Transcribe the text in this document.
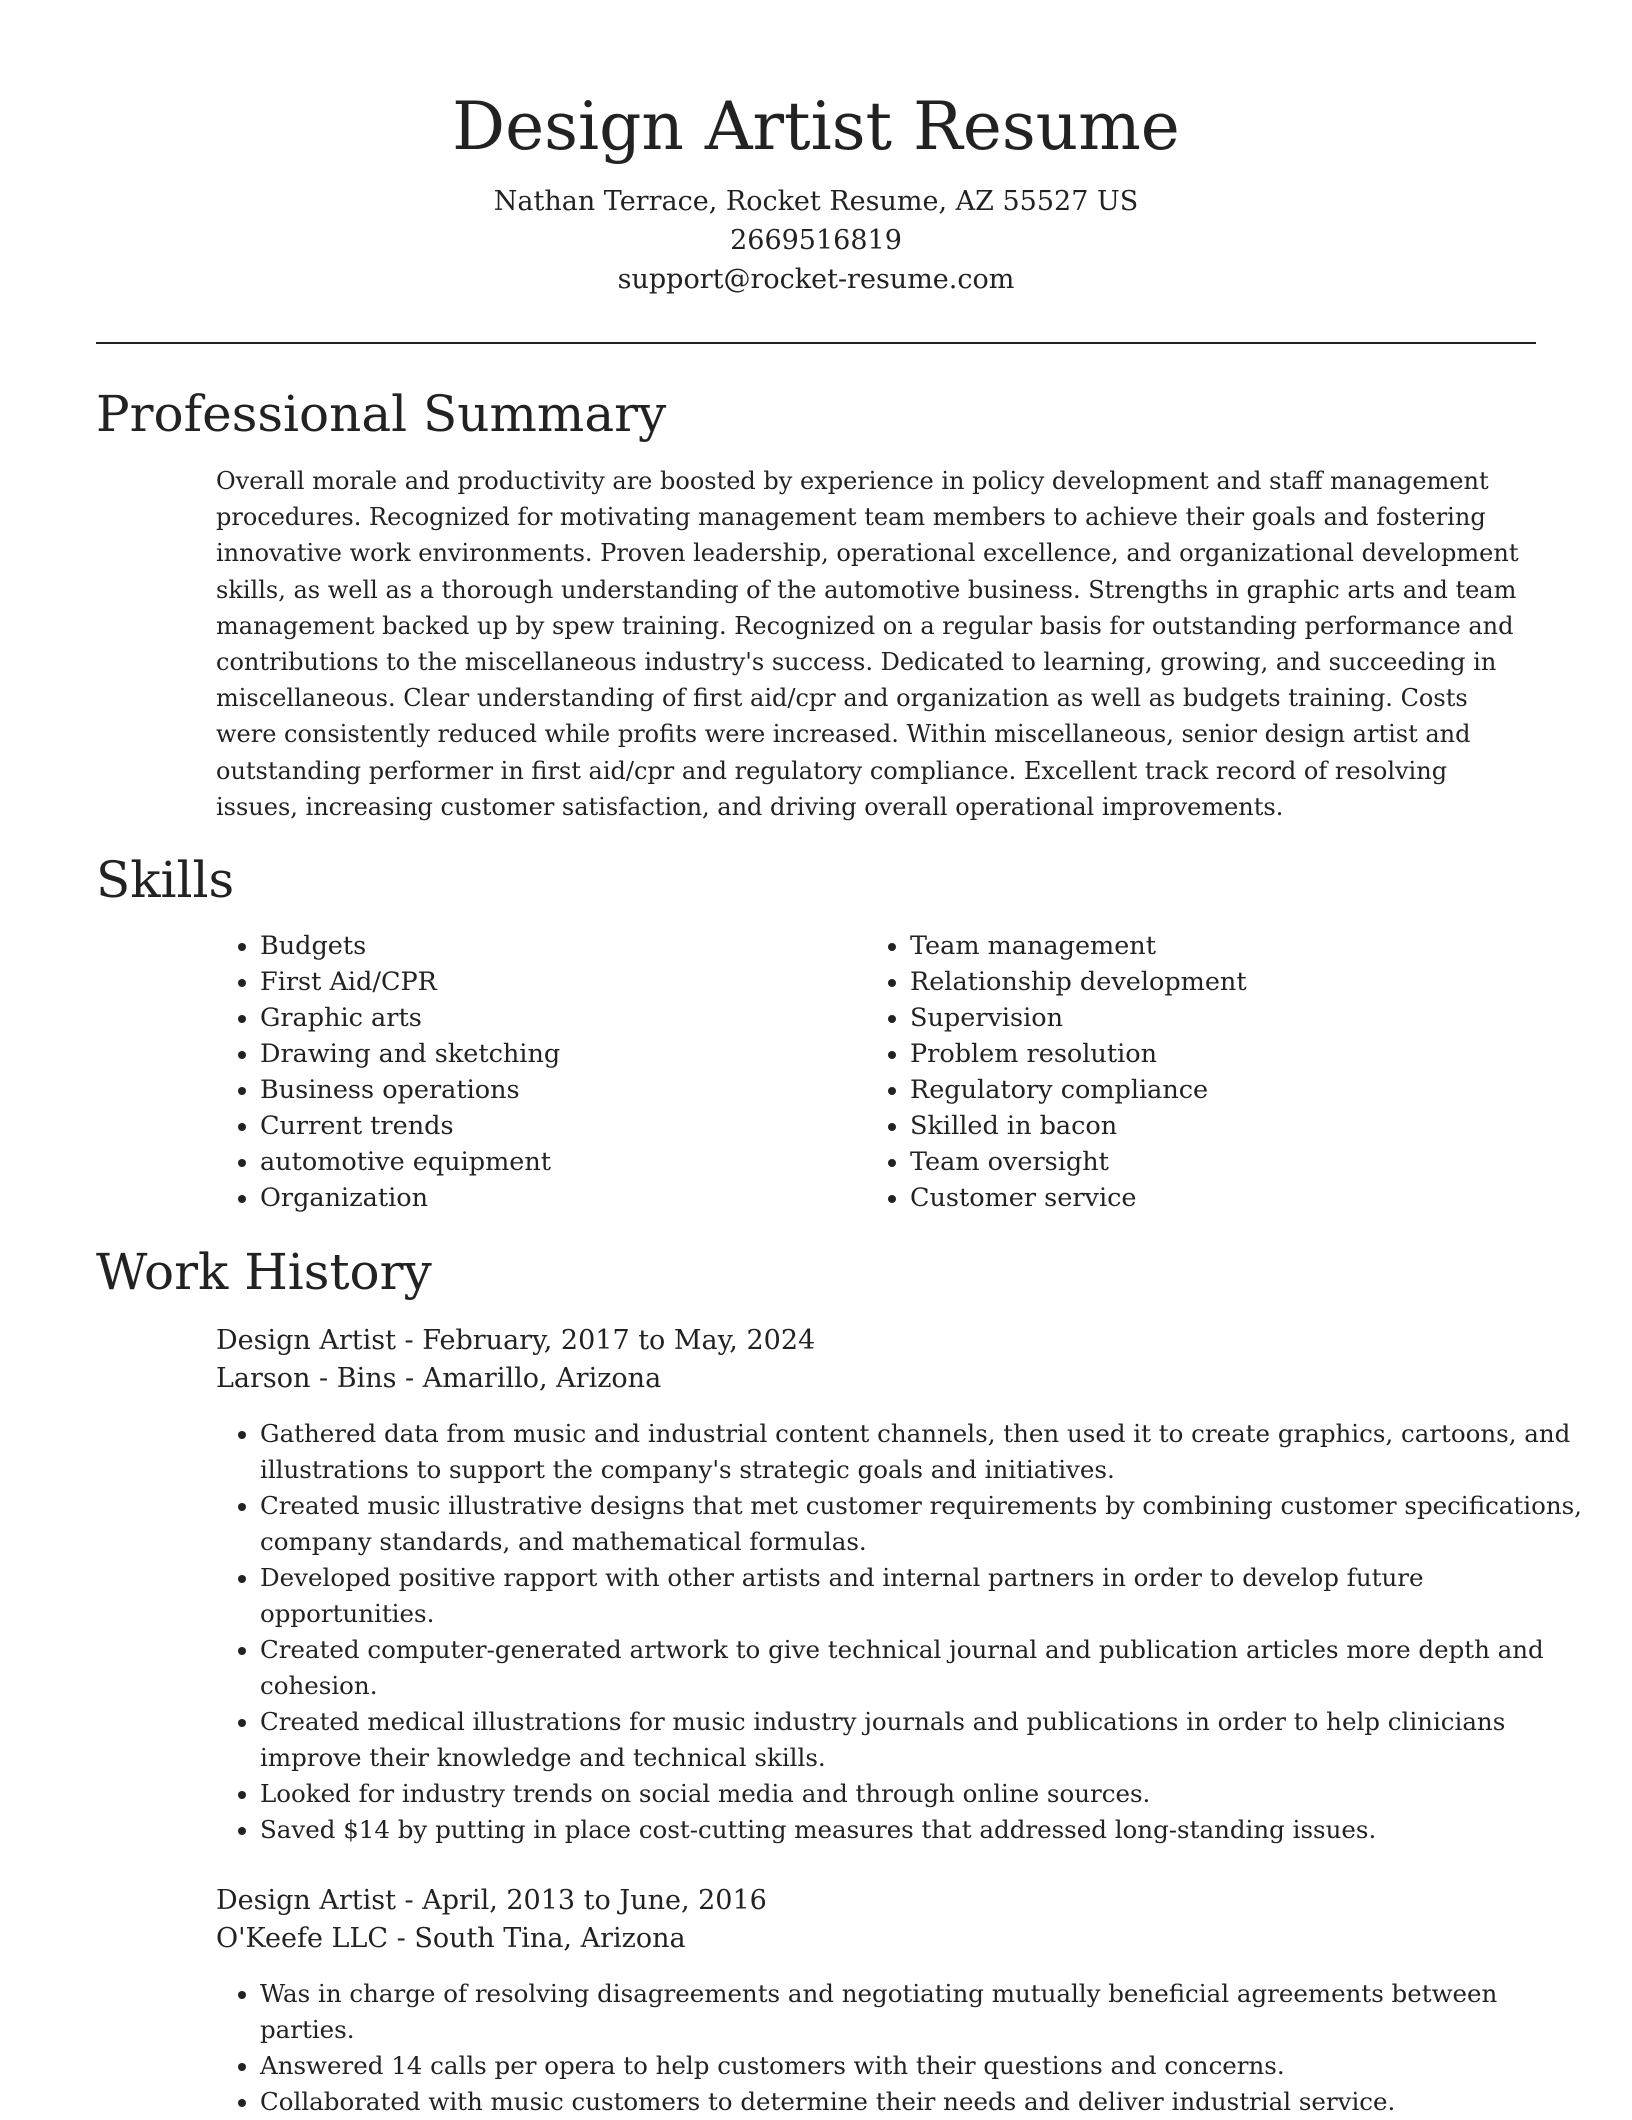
Design Artist Resume

Nathan Terrace, Rocket Resume, AZ 55527 US

2669516819

support@rocket-resume.com

Professional Summary

Overall morale and productivity are boosted by experience in policy development and staff management procedures. Recognized for motivating management team members to achieve their goals and fostering innovative work environments. Proven leadership, operational excellence, and organizational development skills, as well as a thorough understanding of the automotive business. Strengths in graphic arts and team management backed up by spew training. Recognized on a regular basis for outstanding performance and contributions to the miscellaneous industry's success. Dedicated to learning, growing, and succeeding in miscellaneous. Clear understanding of first aid/cpr and organization as well as budgets training. Costs were consistently reduced while profits were increased. Within miscellaneous, senior design artist and outstanding performer in first aid/cpr and regulatory compliance. Excellent track record of resolving issues, increasing customer satisfaction, and driving overall operational improvements.

Skills
• Budgets
• First Aid/CPR
• Graphic arts
• Drawing and sketching
• Business operations
• Current trends
• automotive equipment
• Organization
• Team management
• Relationship development
• Supervision
• Problem resolution
• Regulatory compliance
• Skilled in bacon
• Team oversight
• Customer service
Work History

Design Artist - February, 2017 to May, 2024

Larson - Bins - Amarillo, Arizona

• Gathered data from music and industrial content channels, then used it to create graphics, cartoons, and illustrations to support the company's strategic goals and initiatives.
• Created music illustrative designs that met customer requirements by combining customer specifications, company standards, and mathematical formulas.
• Developed positive rapport with other artists and internal partners in order to develop future opportunities.
• Created computer-generated artwork to give technical journal and publication articles more depth and cohesion.
• Created medical illustrations for music industry journals and publications in order to help clinicians improve their knowledge and technical skills.
• Looked for industry trends on social media and through online sources.
• Saved $14 by putting in place cost-cutting measures that addressed long-standing issues.

Design Artist - April, 2013 to June, 2016

O'Keefe LLC - South Tina, Arizona

• Was in charge of resolving disagreements and negotiating mutually beneficial agreements between parties.
• Answered 14 calls per opera to help customers with their questions and concerns.
• Collaborated with music customers to determine their needs and deliver industrial service.
